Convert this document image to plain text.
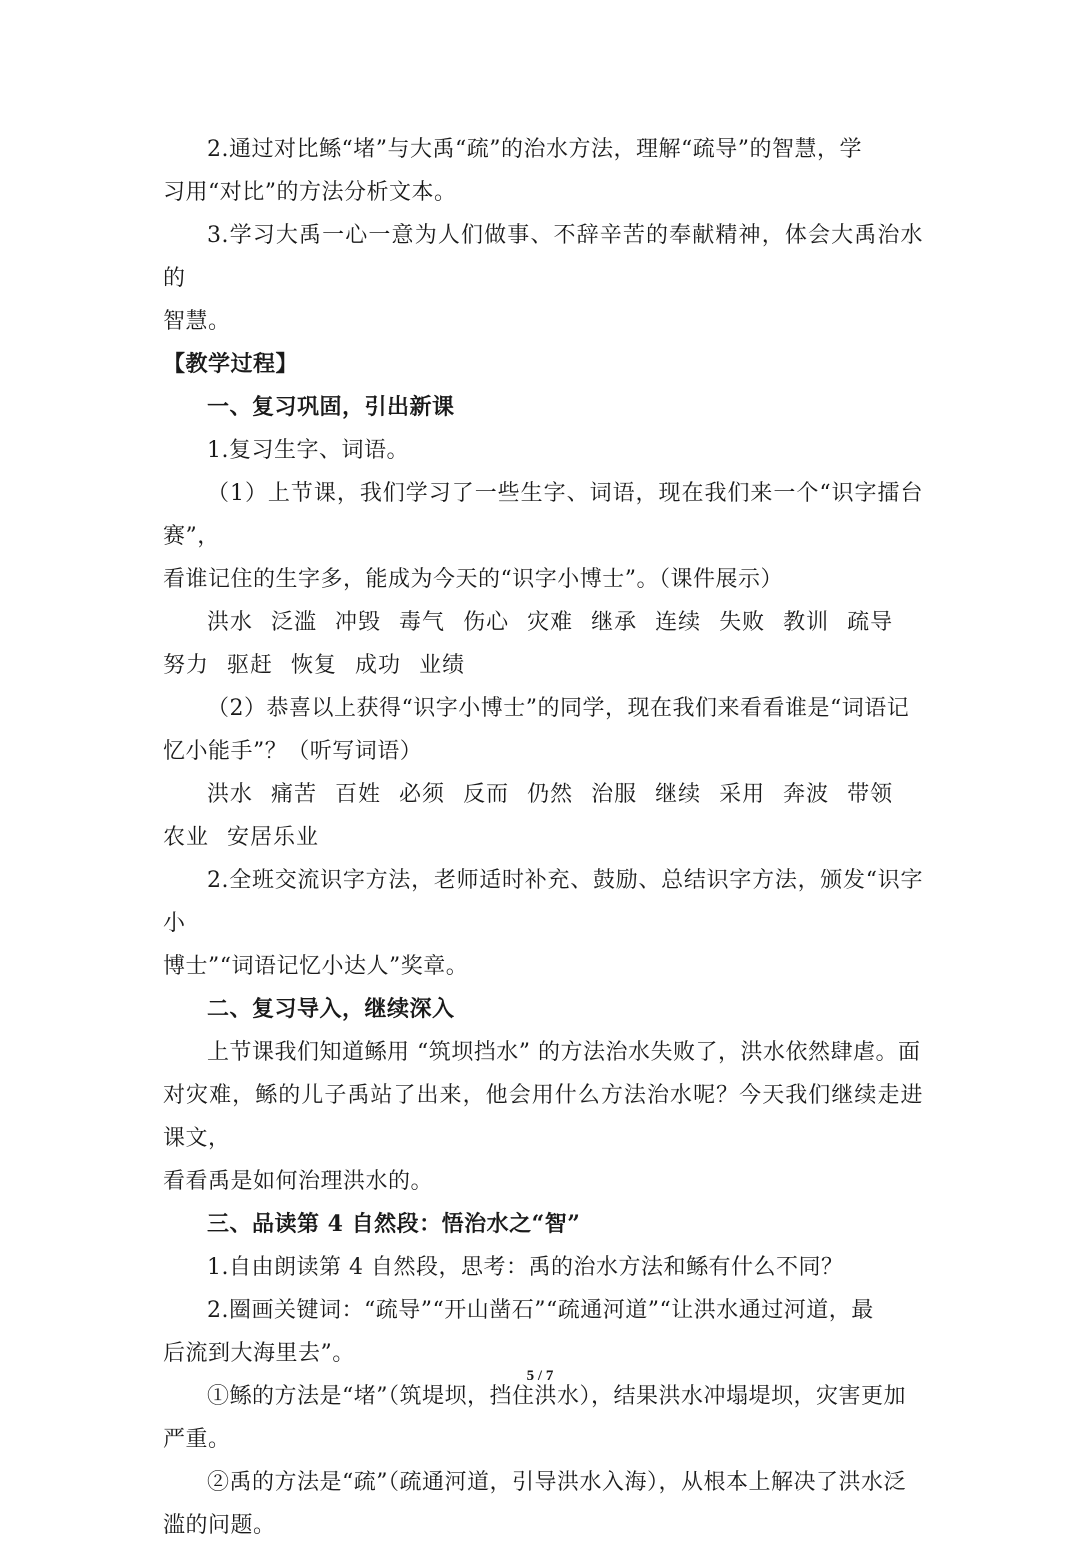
2.通过对比鲧“堵”与大禹“疏”的治水方法，理解“疏导”的智慧，学

习用“对比”的方法分析文本。

3.学习大禹一心一意为人们做事、不辞辛苦的奉献精神，体会大禹治水的

智慧。

【教学过程】

一、复习巩固，引出新课

1.复习生字、词语。

（1）上节课，我们学习了一些生字、词语，现在我们来一个“识字擂台赛”，

看谁记住的生字多，能成为今天的“识字小博士”。（课件展示）

洪水 泛滥 冲毁 毒气 伤心 灾难 继承 连续 失败 教训 疏导

努力 驱赶 恢复 成功 业绩

（2）恭喜以上获得“识字小博士”的同学，现在我们来看看谁是“词语记

忆小能手”？（听写词语）

洪水 痛苦 百姓 必须 反而 仍然 治服 继续 采用 奔波 带领

农业 安居乐业

2.全班交流识字方法，老师适时补充、鼓励、总结识字方法，颁发“识字小

博士”“词语记忆小达人”奖章。

二、复习导入，继续深入

上节课我们知道鲧用 “筑坝挡水” 的方法治水失败了，洪水依然肆虐。面

对灾难，鲧的儿子禹站了出来，他会用什么方法治水呢？今天我们继续走进课文，

看看禹是如何治理洪水的。

三、品读第 4 自然段：悟治水之“智”

1.自由朗读第 4 自然段，思考：禹的治水方法和鲧有什么不同？

2.圈画关键词：“疏导”“开山凿石”“疏通河道”“让洪水通过河道，最

后流到大海里去”。

①鲧的方法是“堵”（筑堤坝，挡住洪水），结果洪水冲塌堤坝，灾害更加

严重。

②禹的方法是“疏”（疏通河道，引导洪水入海），从根本上解决了洪水泛

滥的问题。

5 / 7
